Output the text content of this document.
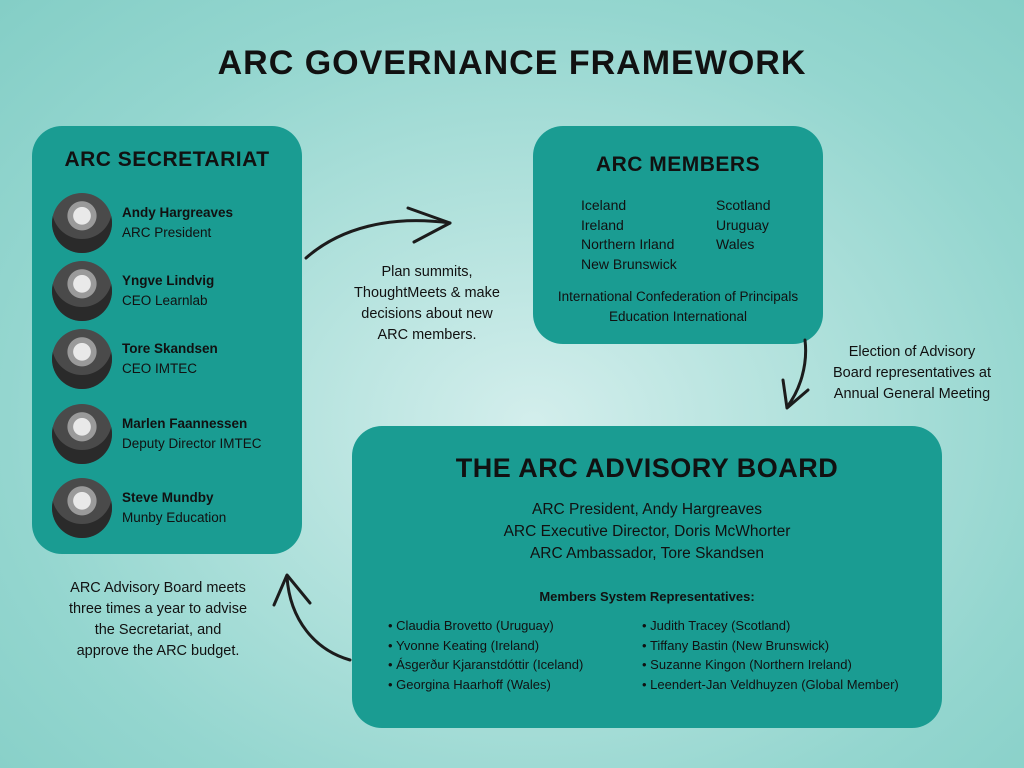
ARC GOVERNANCE FRAMEWORK
ARC SECRETARIAT
Andy Hargreaves
ARC President
Yngve Lindvig
CEO Learnlab
Tore Skandsen
CEO IMTEC
Marlen Faannessen
Deputy Director IMTEC
Steve Mundby
Munby Education
ARC MEMBERS
Iceland
Ireland
Northern Irland
New Brunswick
Scotland
Uruguay
Wales
International Confederation of Principals
Education International
THE ARC ADVISORY BOARD
ARC President, Andy Hargreaves
ARC Executive Director, Doris McWhorter
ARC Ambassador, Tore Skandsen
Members System Representatives:
• Claudia Brovetto (Uruguay)
• Yvonne Keating (Ireland)
• Ásgerður Kjaranstdóttir (Iceland)
• Georgina Haarhoff (Wales)
• Judith Tracey (Scotland)
• Tiffany Bastin (New Brunswick)
• Suzanne Kingon (Northern Ireland)
• Leendert-Jan Veldhuyzen (Global Member)
Plan summits,
ThoughtMeets & make
decisions about new
ARC members.
Election of Advisory
Board representatives at
Annual General Meeting
ARC Advisory Board meets
three times a year to advise
the Secretariat, and
approve the ARC budget.
